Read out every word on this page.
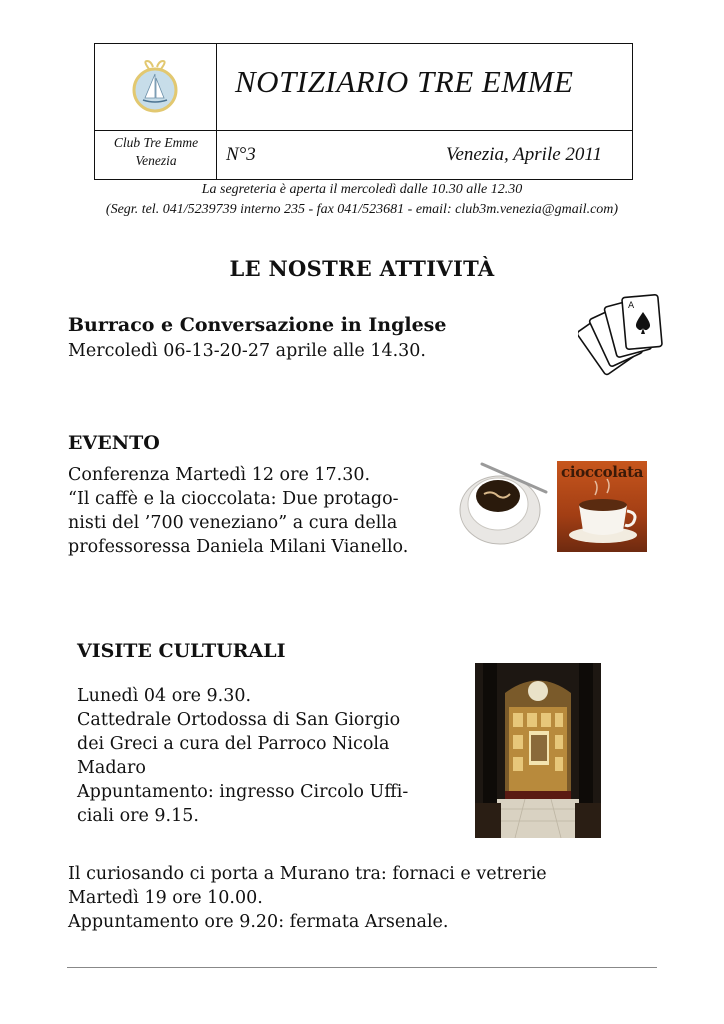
NOTIZIARIO TRE EMME
Club Tre Emme
Venezia	N°3	Venezia, Aprile 2011
La segreteria è aperta il mercoledì dalle 10.30 alle 12.30
(Segr. tel. 041/5239739 interno 235 - fax 041/523681 - email: club3m.venezia@gmail.com)
LE NOSTRE ATTIVITÀ
Burraco e Conversazione in Inglese
Mercoledì 06-13-20-27 aprile alle 14.30.
A
EVENTO
Conferenza Martedì 12 ore 17.30.
“Il caffè e la cioccolata: Due protago-
nisti del ’700 veneziano” a cura della
professoressa Daniela Milani Vianello.
cioccolata
VISITE CULTURALI
Lunedì 04 ore 9.30.
Cattedrale Ortodossa di San Giorgio
dei Greci a cura del Parroco Nicola
Madaro
Appuntamento: ingresso Circolo Uffi-
ciali ore 9.15.
Il curiosando ci porta a Murano tra: fornaci e vetrerie
Martedì 19 ore 10.00.
Appuntamento ore 9.20: fermata Arsenale.
